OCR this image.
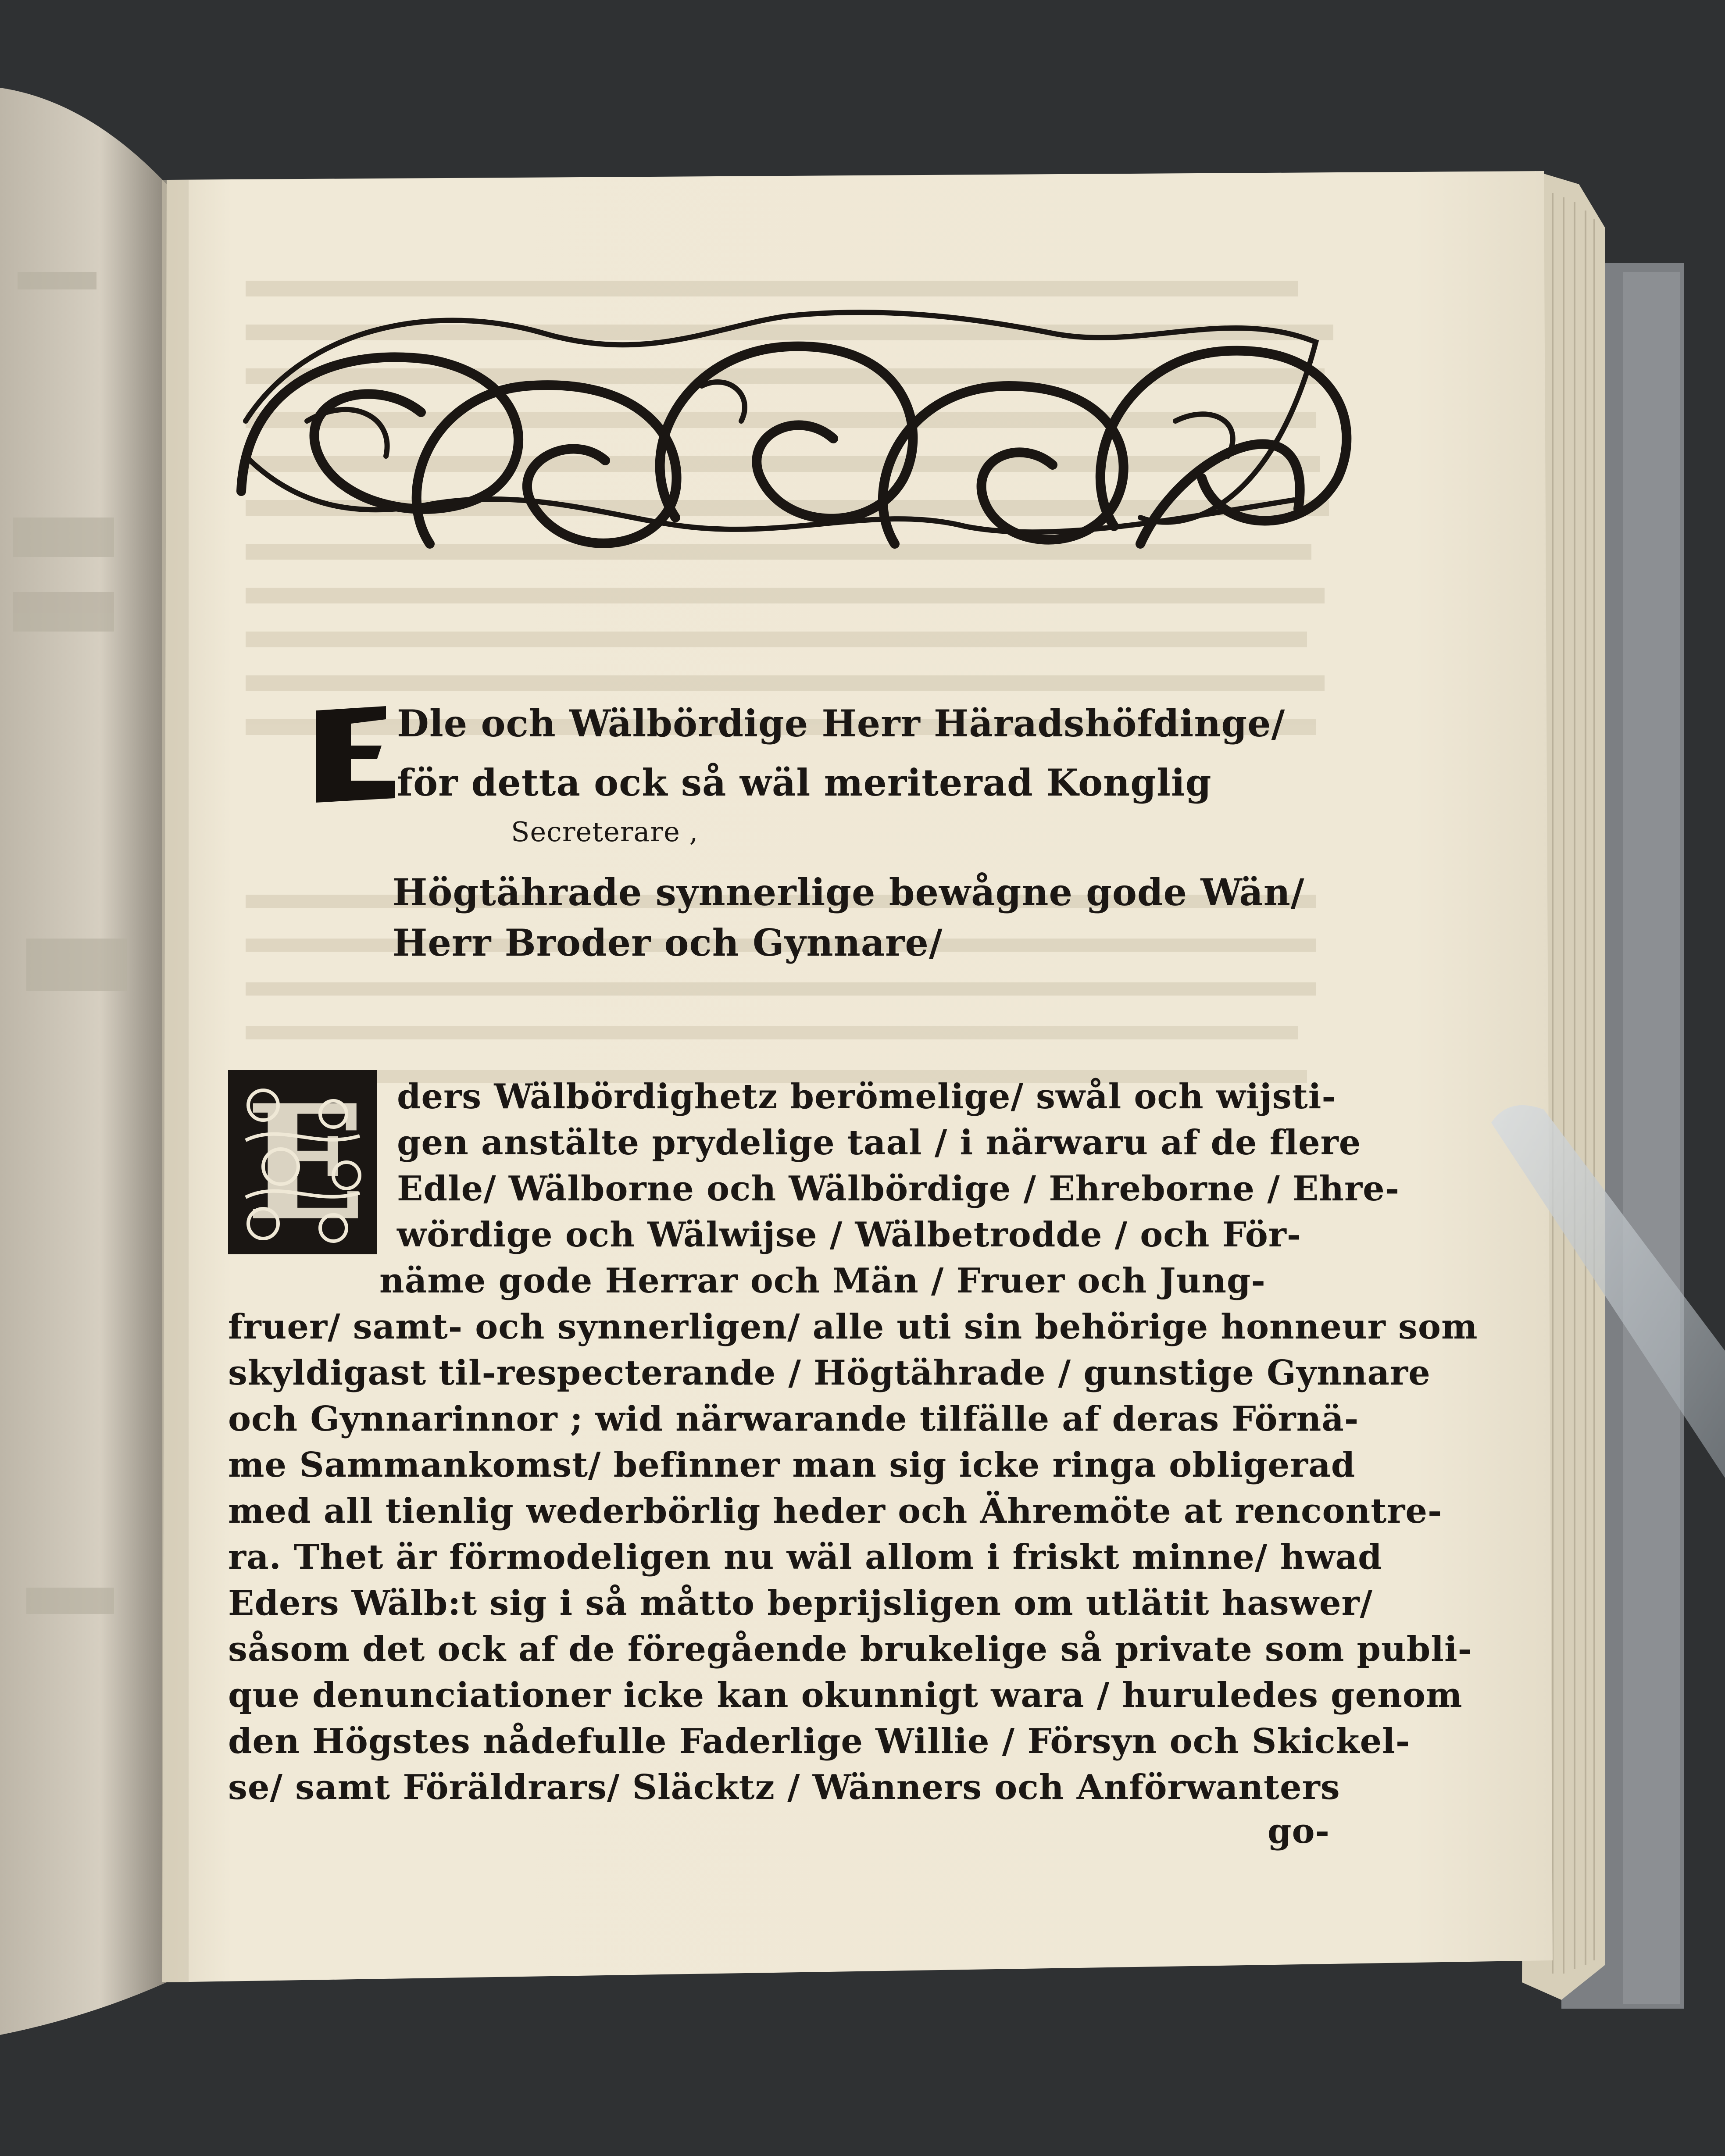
Dle och Wälbördige Herr Häradshöfdinge/
för detta ock så wäl meriterad Konglig
Secreterare ,
Högtährade synnerlige bewågne gode Wän/
Herr Broder och Gynnare/
ders Wälbördighetz berömelige/ swål och wijsti-
gen anstälte prydelige taal / i närwaru af de flere
Edle/ Wälborne och Wälbördige / Ehreborne / Ehre-
wördige och Wälwijse / Wälbetrodde / och För-
näme gode Herrar och Män / Fruer och Jung-
fruer/ samt- och synnerligen/ alle uti sin behörige honneur som
skyldigast til-respecterande / Högtährade / gunstige Gynnare
och Gynnarinnor ; wid närwarande tilfälle af deras Förnä-
me Sammankomst/ befinner man sig icke ringa obligerad
med all tienlig wederbörlig heder och Ähremöte at rencontre-
ra. Thet är förmodeligen nu wäl allom i friskt minne/ hwad
Eders Wälb:t sig i så måtto beprijsligen om utlätit haswer/
såsom det ock af de föregående brukelige så private som publi-
que denunciationer icke kan okunnigt wara / huruledes genom
den Högstes nådefulle Faderlige Willie / Försyn och Skickel-
se/ samt Föräldrars/ Släcktz / Wänners och Anförwanters
go-
E
